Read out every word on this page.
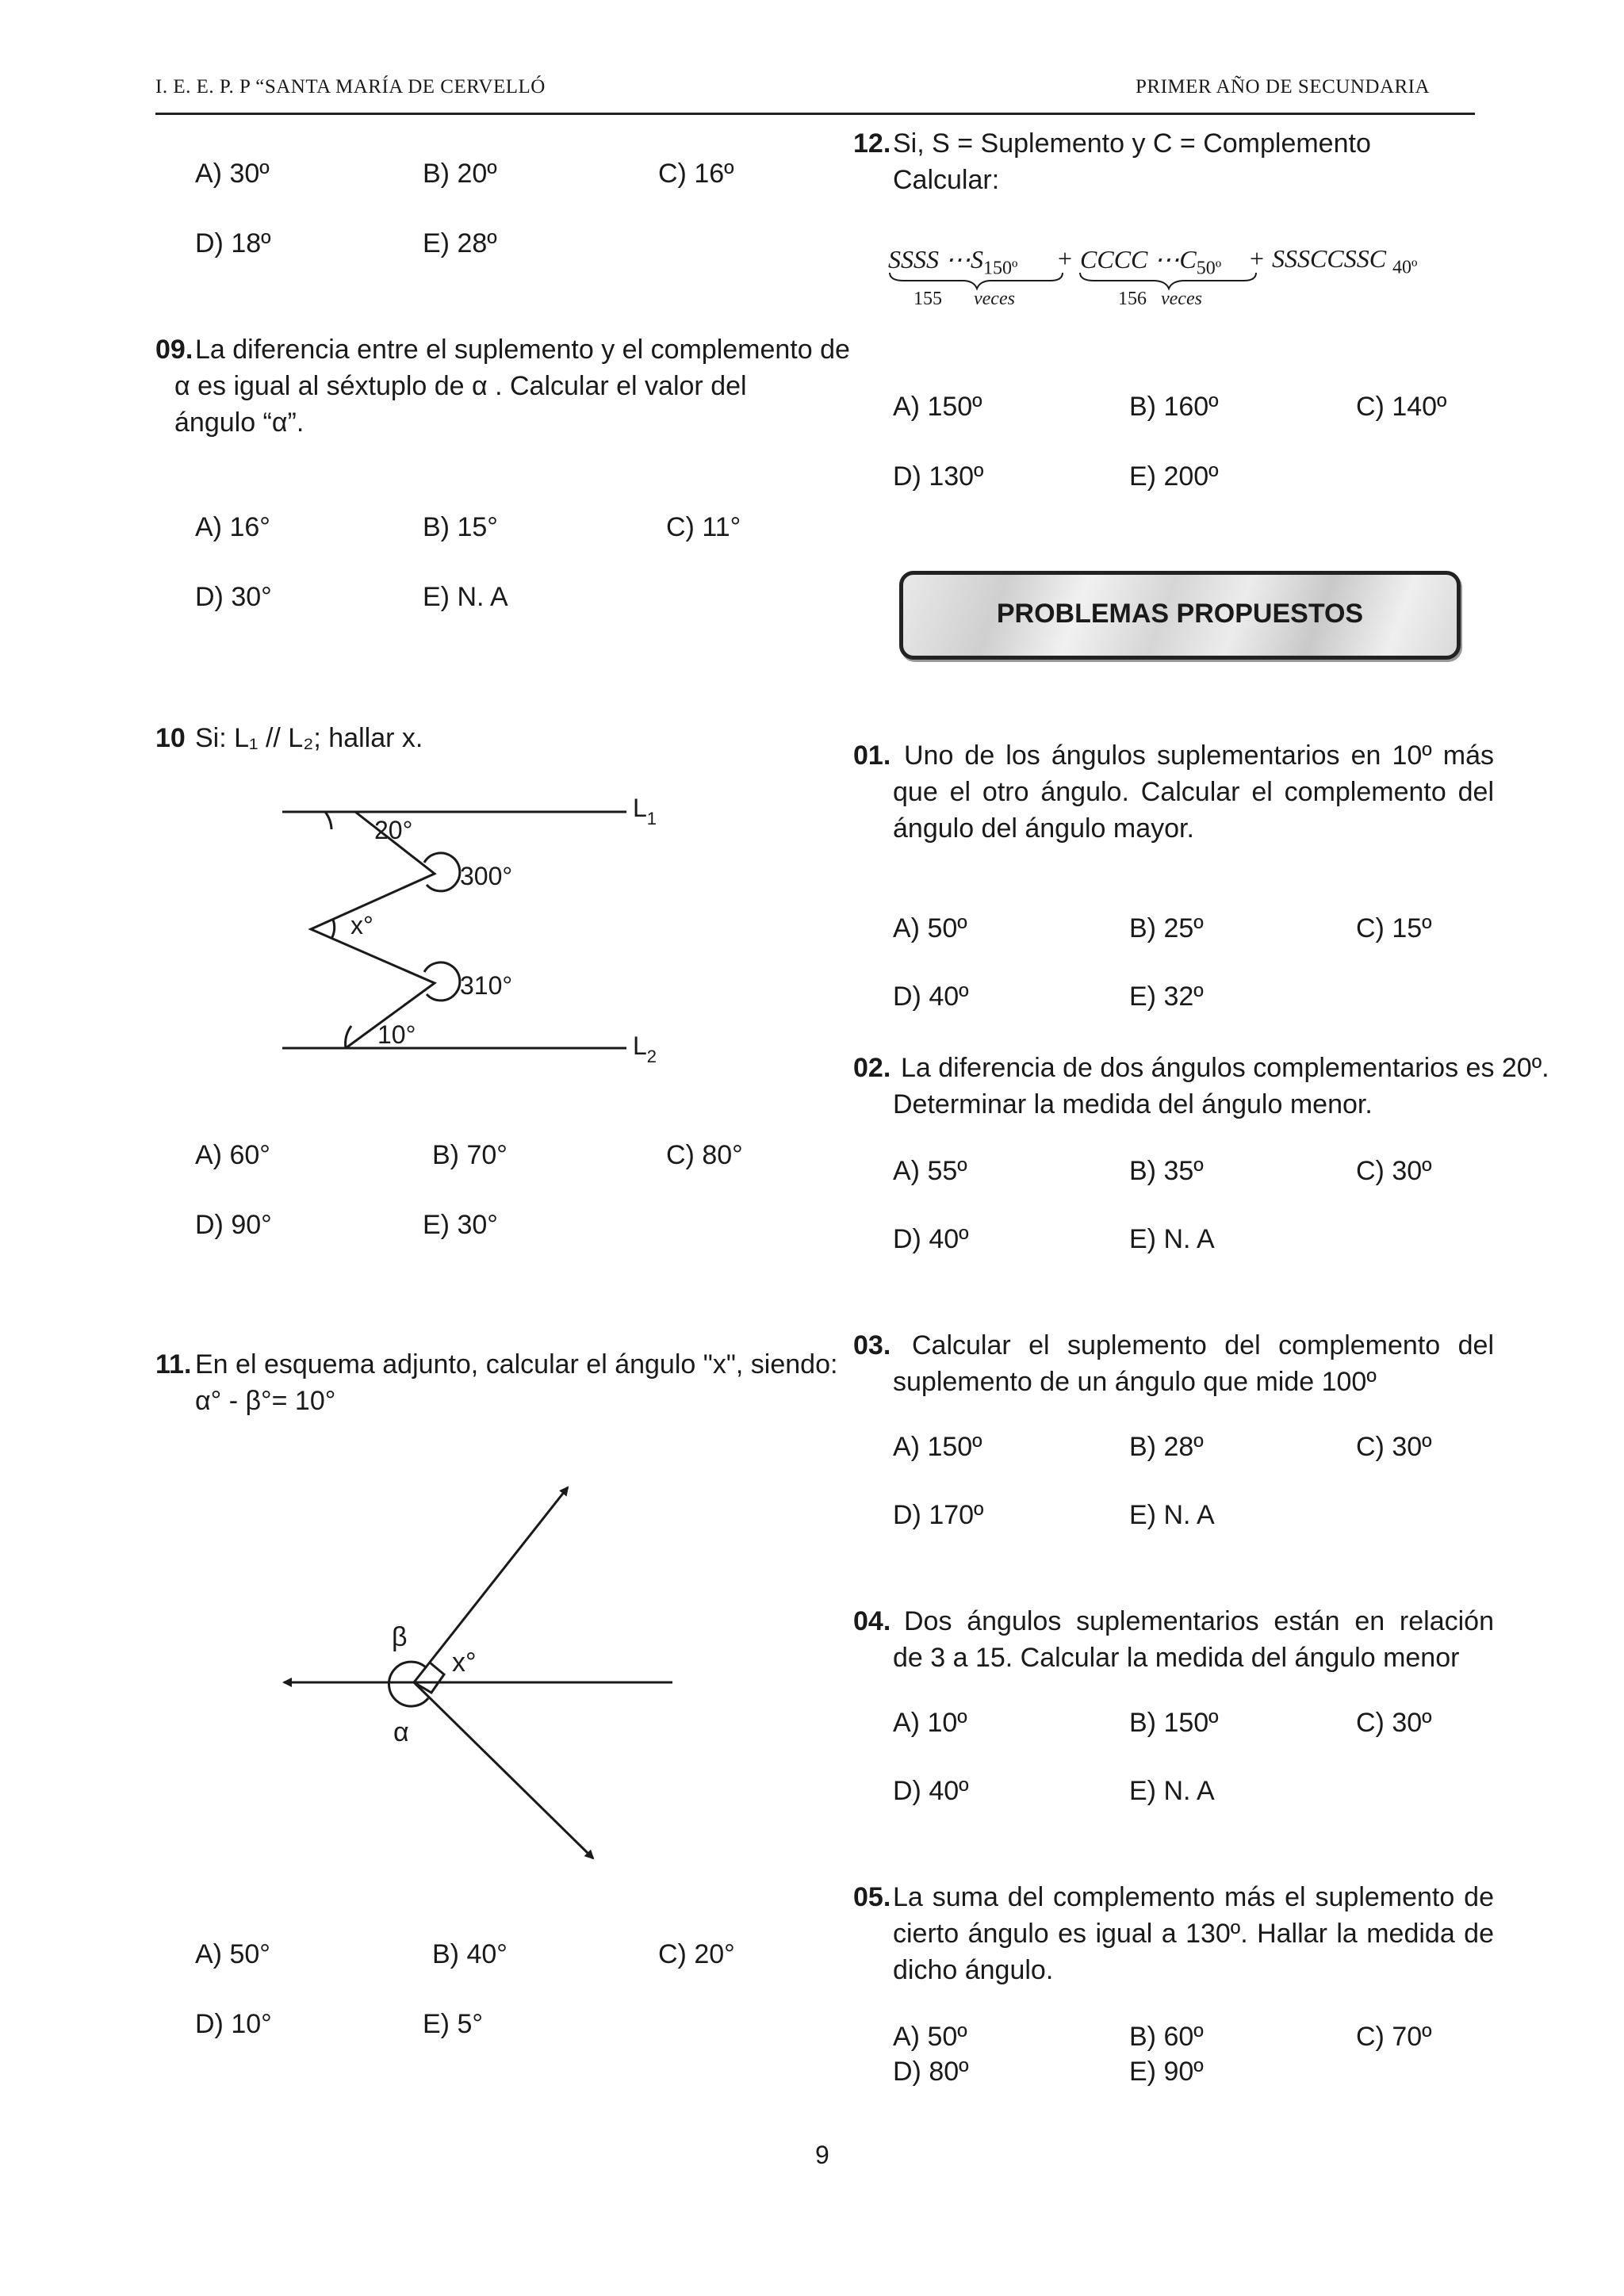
I. E. E. P. P “SANTA MARÍA DE CERVELLÓ	PRIMER AÑO DE SECUNDARIA
A) 30º	B) 20º	C) 16º
D) 18º	E) 28º
09. La diferencia entre el suplemento y el complemento de
α es igual al séxtuplo de α . Calcular el valor del
ángulo “α”.
A) 16°	B) 15°	C) 11°
D) 30°	E) N. A
10 Si: L₁ // L₂; hallar x.
20°
300°
x°
310°
10°
$L_1$
$L_2$
A) 60°	B) 70°	C) 80°
D) 90°	E) 30°
11. En el esquema adjunto, calcular el ángulo "x", siendo:
α° - β°= 10°
β
x°
α
A) 50°	B) 40°	C) 20°
D) 10°	E) 5°
12. Si, S = Suplemento y C = Complemento
Calcular:
SSSS $\cdots S_{150º}$ + CCCC $\cdots C_{50º}$ + SSSCCSSC $_{40º}$
155 veces	156 veces
A) 150º	B) 160º	C) 140º
D) 130º	E) 200º
PROBLEMAS PROPUESTOS
01. Uno de los ángulos suplementarios en 10º más que el otro ángulo. Calcular el complemento del ángulo del ángulo mayor.
A) 50º	B) 25º	C) 15º
D) 40º	E) 32º
02. La diferencia de dos ángulos complementarios es 20º.
Determinar la medida del ángulo menor.
A) 55º	B) 35º	C) 30º
D) 40º	E) N. A
03. Calcular el suplemento del complemento del suplemento de un ángulo que mide 100º
A) 150º	B) 28º	C) 30º
D) 170º	E) N. A
04. Dos ángulos suplementarios están en relación de 3 a 15. Calcular la medida del ángulo menor
A) 10º	B) 150º	C) 30º
D) 40º	E) N. A
05. La suma del complemento más el suplemento de cierto ángulo es igual a 130º. Hallar la medida de dicho ángulo.
A) 50º	B) 60º	C) 70º
D) 80º	E) 90º
9
